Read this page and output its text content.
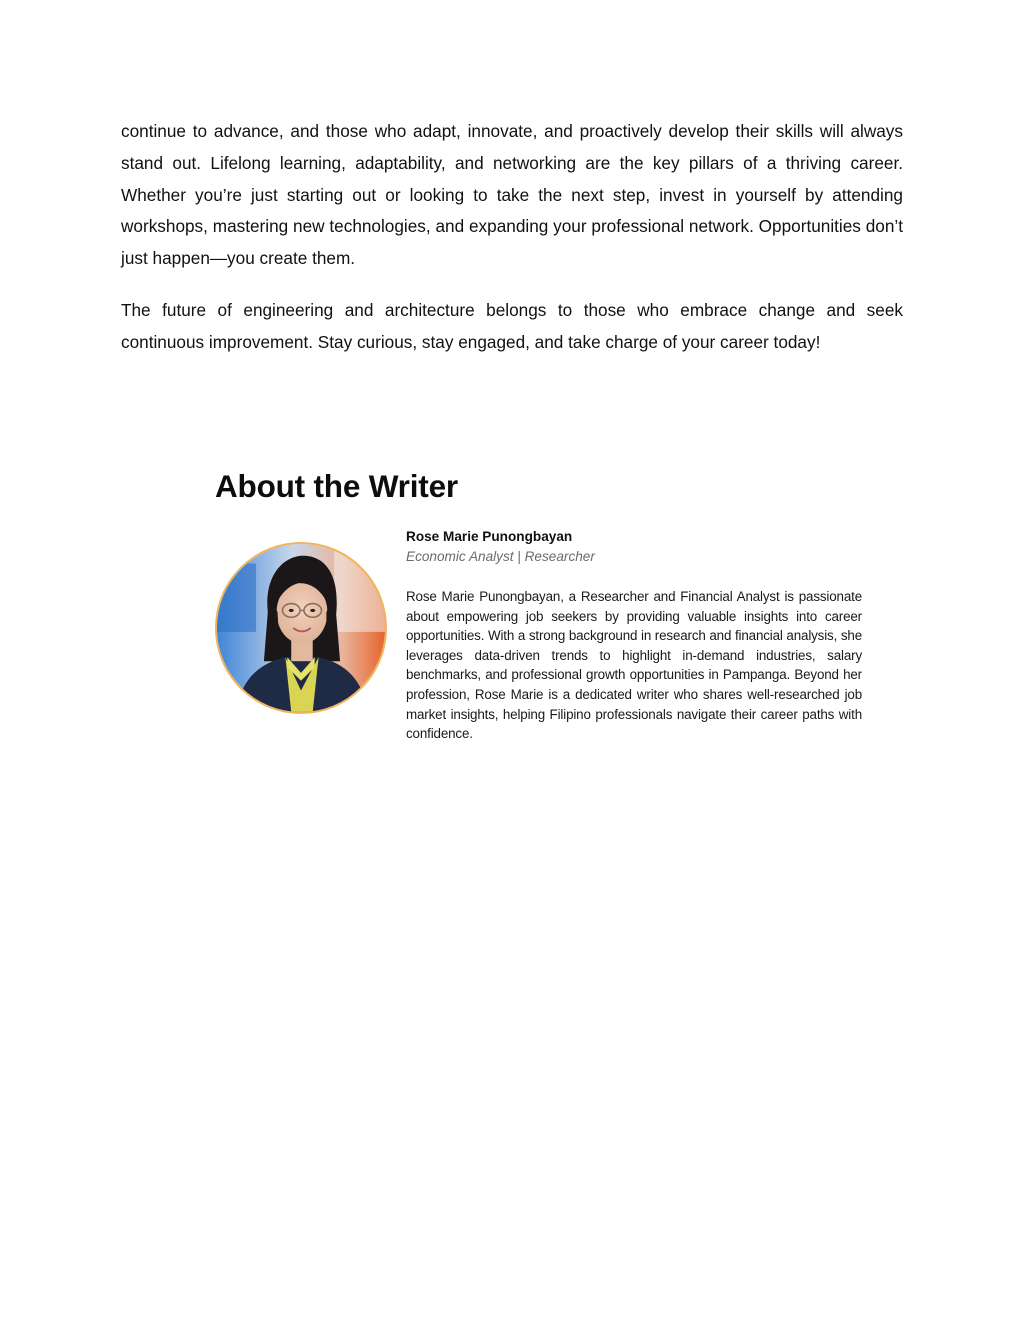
continue to advance, and those who adapt, innovate, and proactively develop their skills will always stand out. Lifelong learning, adaptability, and networking are the key pillars of a thriving career. Whether you’re just starting out or looking to take the next step, invest in yourself by attending workshops, mastering new technologies, and expanding your professional network. Opportunities don’t just happen—you create them.

The future of engineering and architecture belongs to those who embrace change and seek continuous improvement. Stay curious, stay engaged, and take charge of your career today!

About the Writer

Rose Marie Punongbayan

Economic Analyst | Researcher

Rose Marie Punongbayan, a Researcher and Financial Analyst is passionate about empowering job seekers by providing valuable insights into career opportunities. With a strong background in research and financial analysis, she leverages data-driven trends to highlight in-demand industries, salary benchmarks, and professional growth opportunities in Pampanga. Beyond her profession, Rose Marie is a dedicated writer who shares well-researched job market insights, helping Filipino professionals navigate their career paths with confidence.
